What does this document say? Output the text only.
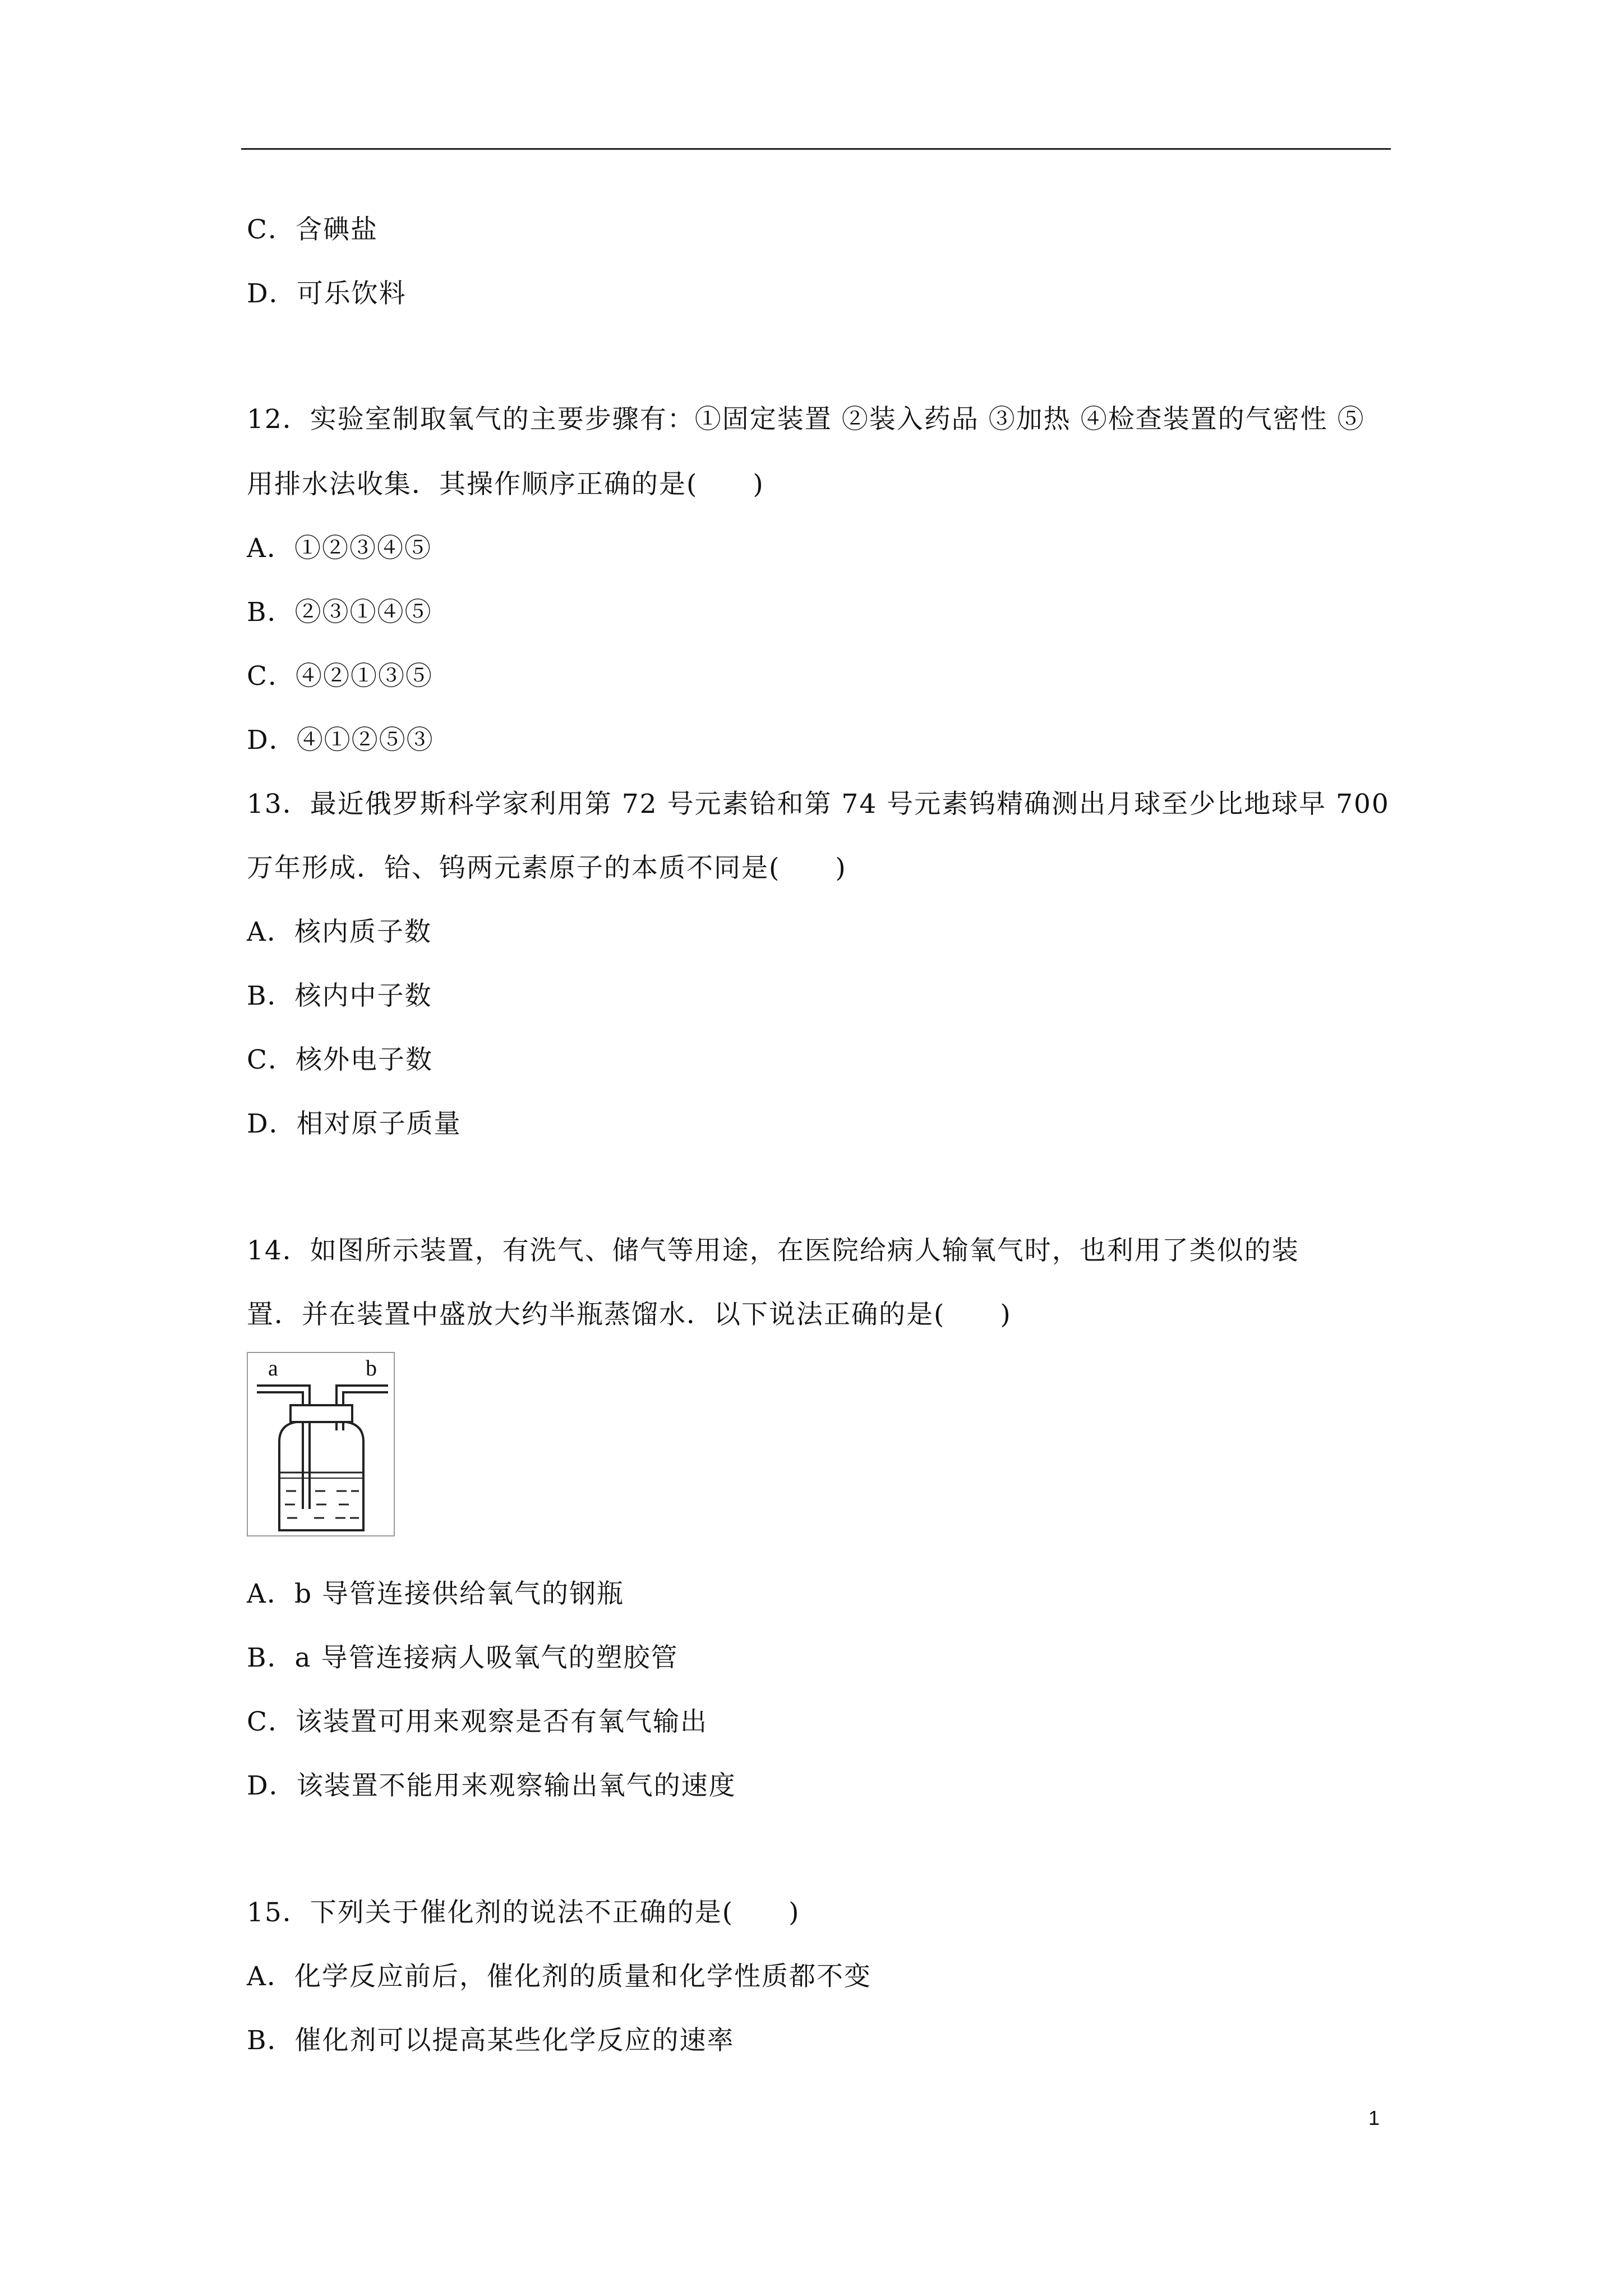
C．含碘盐
D．可乐饮料
12．实验室制取氧气的主要步骤有：①固定装置 ②装入药品 ③加热 ④检查装置的气密性 ⑤
用排水法收集．其操作顺序正确的是(　　)
A．①②③④⑤
B．②③①④⑤
C．④②①③⑤
D．④①②⑤③
13．最近俄罗斯科学家利用第 72 号元素铪和第 74 号元素钨精确测出月球至少比地球早 700
万年形成．铪、钨两元素原子的本质不同是(　　)
A．核内质子数
B．核内中子数
C．核外电子数
D．相对原子质量
14．如图所示装置，有洗气、储气等用途，在医院给病人输氧气时，也利用了类似的装
置．并在装置中盛放大约半瓶蒸馏水．以下说法正确的是(　　)
a	b
A．b 导管连接供给氧气的钢瓶
B．a 导管连接病人吸氧气的塑胶管
C．该装置可用来观察是否有氧气输出
D．该装置不能用来观察输出氧气的速度
15．下列关于催化剂的说法不正确的是(　　)
A．化学反应前后，催化剂的质量和化学性质都不变
B．催化剂可以提高某些化学反应的速率
1
